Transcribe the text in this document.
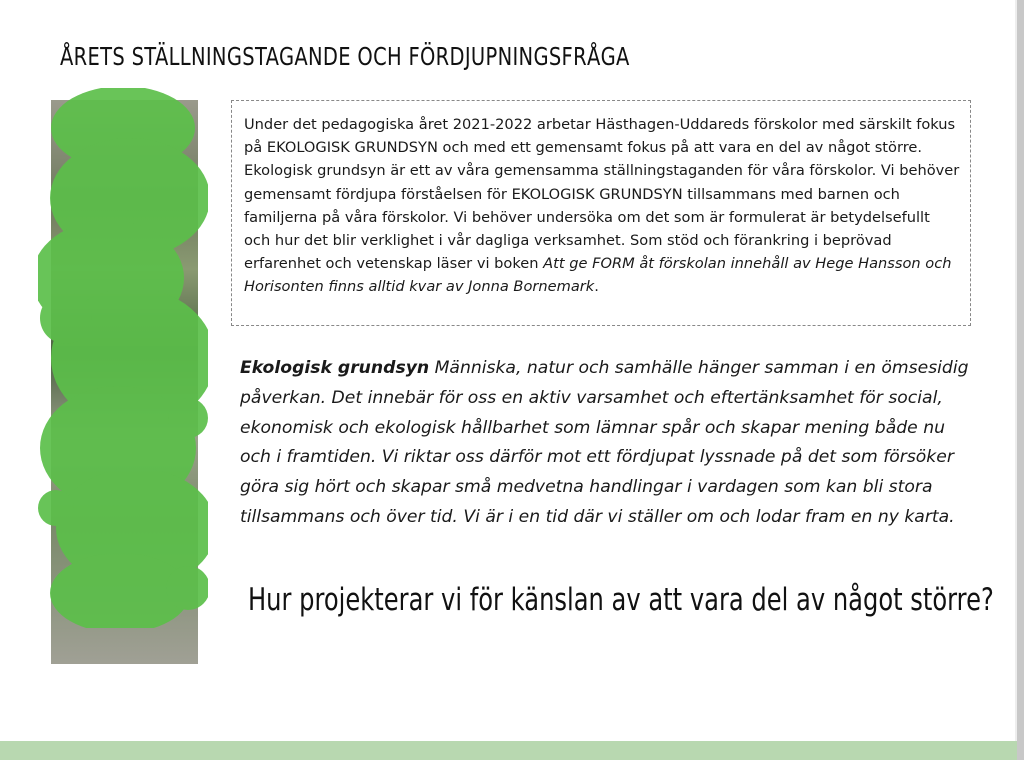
ÅRETS STÄLLNINGSTAGANDE OCH FÖRDJUPNINGSFRÅGA
Under det pedagogiska året 2021-2022 arbetar Hästhagen-Uddareds förskolor med särskilt fokus på EKOLOGISK GRUNDSYN och med ett gemensamt fokus på att vara en del av något större. Ekologisk grundsyn är ett av våra gemensamma ställningstaganden för våra förskolor. Vi behöver gemensamt fördjupa förståelsen för EKOLOGISK GRUNDSYN tillsammans med barnen och familjerna på våra förskolor. Vi behöver undersöka om det som är formulerat är betydelsefullt och hur det blir verklighet i vår dagliga verksamhet. Som stöd och förankring i beprövad erfarenhet och vetenskap läser vi boken Att ge FORM åt förskolan innehåll av Hege Hansson och Horisonten finns alltid kvar av Jonna Bornemark.

Ekologisk grundsyn Människa, natur och samhälle hänger samman i en ömsesidig påverkan. Det innebär för oss en aktiv varsamhet och eftertänksamhet för social, ekonomisk och ekologisk hållbarhet som lämnar spår och skapar mening både nu och i framtiden. Vi riktar oss därför mot ett fördjupat lyssnade på det som försöker göra sig hört och skapar små medvetna handlingar i vardagen som kan bli stora tillsammans och över tid. Vi är i en tid där vi ställer om och lodar fram en ny karta.

Hur projekterar vi för känslan av att vara del av något större?
